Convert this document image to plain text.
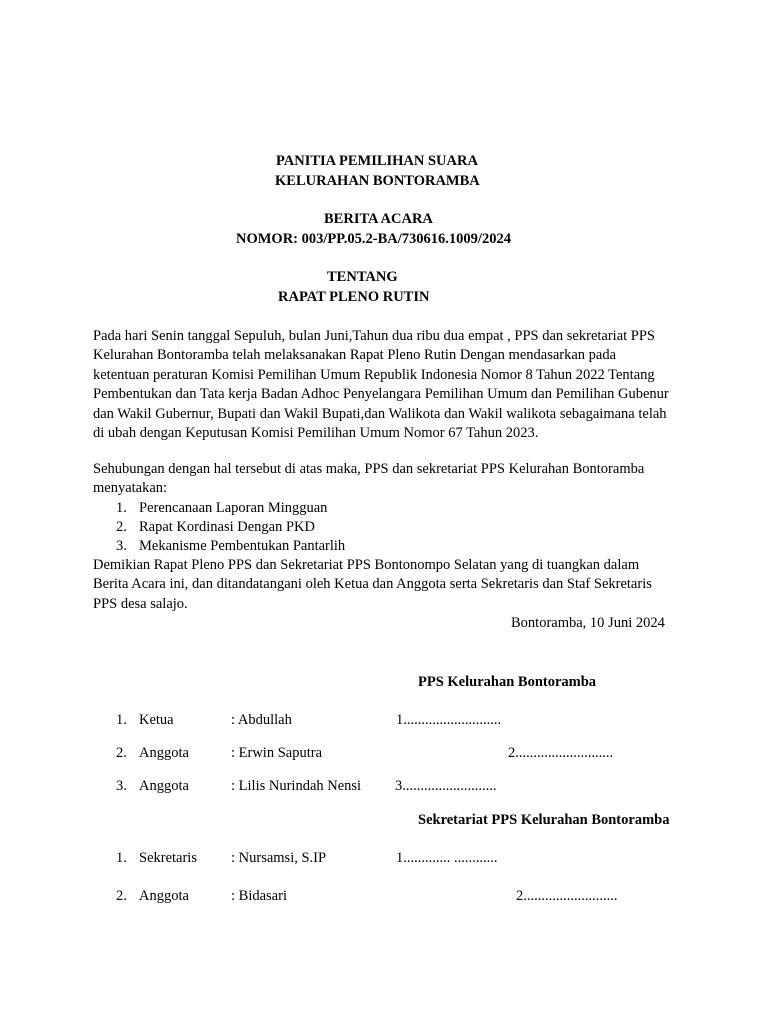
PANITIA PEMILIHAN SUARA
KELURAHAN BONTORAMBA
BERITA ACARA
NOMOR: 003/PP.05.2-BA/730616.1009/2024
TENTANG
RAPAT PLENO RUTIN
Pada hari Senin tanggal Sepuluh, bulan Juni,Tahun dua ribu dua empat , PPS dan sekretariat PPS
Kelurahan Bontoramba telah melaksanakan Rapat Pleno Rutin Dengan mendasarkan pada
ketentuan peraturan Komisi Pemilihan Umum Republik Indonesia Nomor 8 Tahun 2022 Tentang
Pembentukan dan Tata kerja Badan Adhoc Penyelangara Pemilihan Umum dan Pemilihan Gubenur
dan Wakil Gubernur, Bupati dan Wakil Bupati,dan Walikota dan Wakil walikota sebagaimana telah
di ubah dengan Keputusan Komisi Pemilihan Umum Nomor 67 Tahun 2023.
Sehubungan dengan hal tersebut di atas maka, PPS dan sekretariat PPS Kelurahan Bontoramba
menyatakan:
1. Perencanaan Laporan Mingguan
2. Rapat Kordinasi Dengan PKD
3. Mekanisme Pembentukan Pantarlih
Demikian Rapat Pleno PPS dan Sekretariat PPS Bontonompo Selatan yang di tuangkan dalam
Berita Acara ini, dan ditandatangani oleh Ketua dan Anggota serta Sekretaris dan Staf Sekretaris
PPS desa salajo.
Bontoramba, 10 Juni 2024
PPS Kelurahan Bontoramba
1. Ketua	: Abdullah	1...........................
2. Anggota	: Erwin Saputra	2...........................
3. Anggota	: Lilis Nurindah Nensi 3..........................
Sekretariat PPS Kelurahan Bontoramba
1. Sekretaris : Nursamsi, S.IP	1............. ............
2. Anggota	: Bidasari	2..........................
